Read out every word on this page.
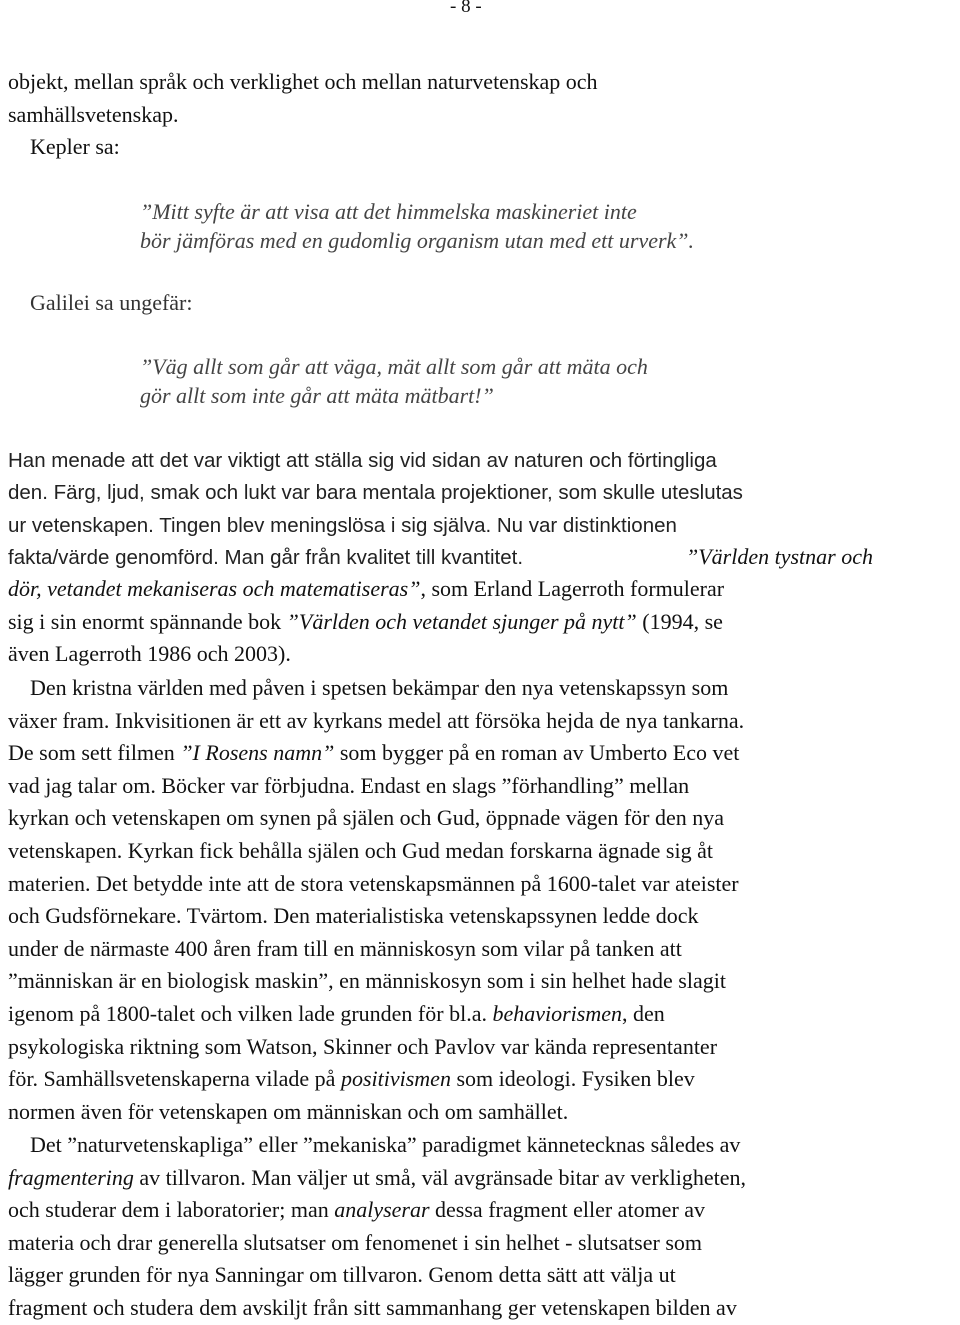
- 8 -
objekt, mellan språk och verklighet och mellan naturvetenskap och
samhällsvetenskap.
Kepler sa:
”Mitt syfte är att visa att det himmelska maskineriet inte
bör jämföras med en gudomlig organism utan med ett urverk”.
Galilei sa ungefär:
”Väg allt som går att väga, mät allt som går att mäta och
gör allt som inte går att mäta mätbart!”
Han menade att det var viktigt att ställa sig vid sidan av naturen och förtingliga
den. Färg, ljud, smak och lukt var bara mentala projektioner, som skulle uteslutas
ur vetenskapen. Tingen blev meningslösa i sig själva. Nu var distinktionen
fakta/värde genomförd. Man går från kvalitet till kvantitet.	”Världen tystnar och
dör, vetandet mekaniseras och matematiseras”, som Erland Lagerroth formulerar
sig i sin enormt spännande bok ”Världen och vetandet sjunger på nytt” (1994, se
även Lagerroth 1986 och 2003).
Den kristna världen med påven i spetsen bekämpar den nya vetenskapssyn som
växer fram. Inkvisitionen är ett av kyrkans medel att försöka hejda de nya tankarna.
De som sett filmen ”I Rosens namn” som bygger på en roman av Umberto Eco vet
vad jag talar om. Böcker var förbjudna. Endast en slags ”förhandling” mellan
kyrkan och vetenskapen om synen på själen och Gud, öppnade vägen för den nya
vetenskapen. Kyrkan fick behålla själen och Gud medan forskarna ägnade sig åt
materien. Det betydde inte att de stora vetenskapsmännen på 1600-talet var ateister
och Gudsförnekare. Tvärtom. Den materialistiska vetenskapssynen ledde dock
under de närmaste 400 åren fram till en människosyn som vilar på tanken att
”människan är en biologisk maskin”, en människosyn som i sin helhet hade slagit
igenom på 1800-talet och vilken lade grunden för bl.a. behaviorismen, den
psykologiska riktning som Watson, Skinner och Pavlov var kända representanter
för. Samhällsvetenskaperna vilade på positivismen som ideologi. Fysiken blev
normen även för vetenskapen om människan och om samhället.
Det ”naturvetenskapliga” eller ”mekaniska” paradigmet kännetecknas således av
fragmentering av tillvaron. Man väljer ut små, väl avgränsade bitar av verkligheten,
och studerar dem i laboratorier; man analyserar dessa fragment eller atomer av
materia och drar generella slutsatser om fenomenet i sin helhet - slutsatser som
lägger grunden för nya Sanningar om tillvaron. Genom detta sätt att välja ut
fragment och studera dem avskiljt från sitt sammanhang ger vetenskapen bilden av
